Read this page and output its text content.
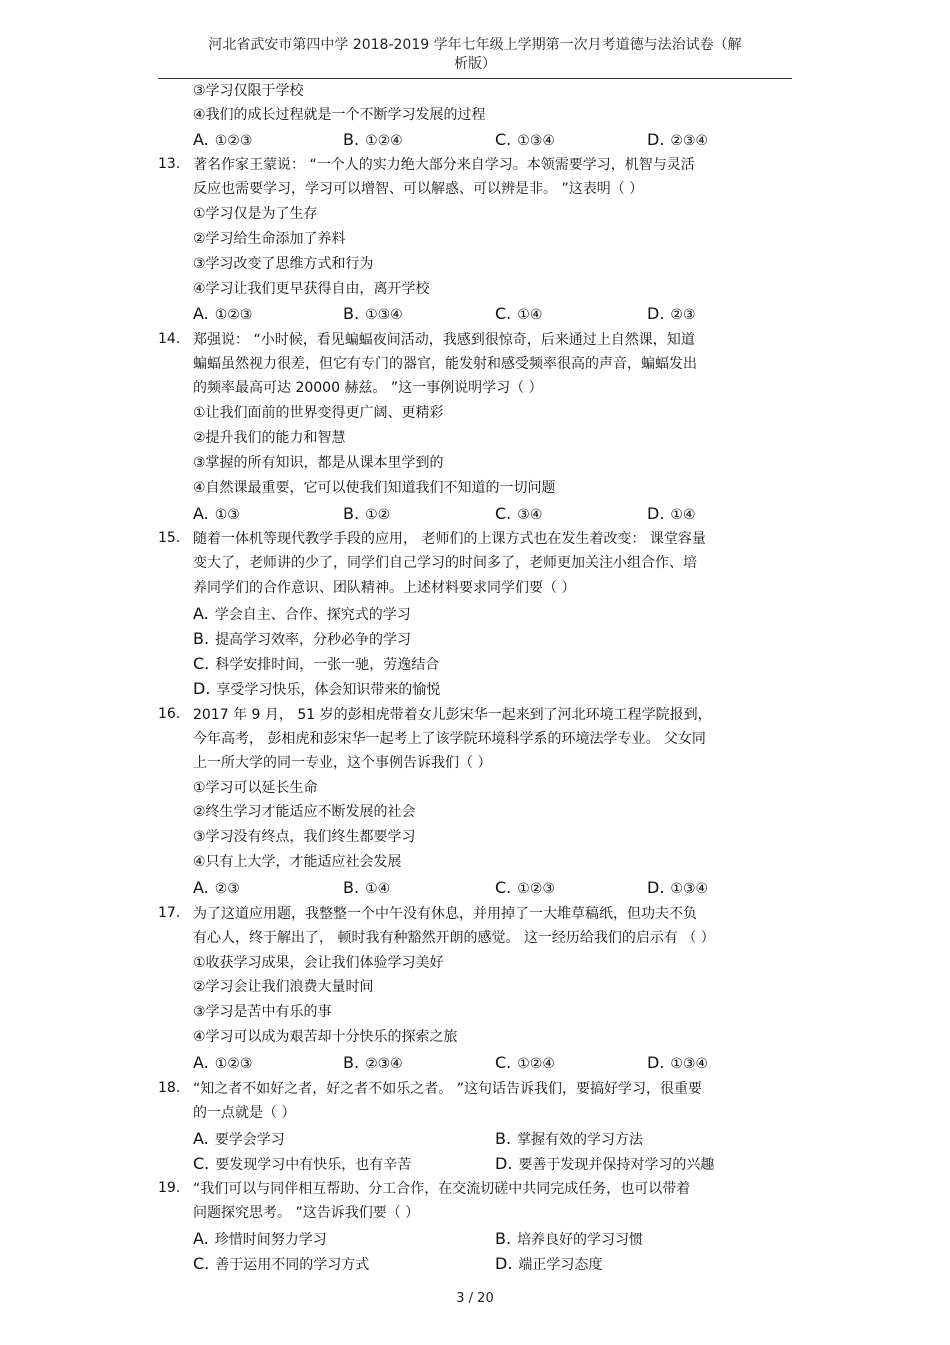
河北省武安市第四中学 2018-2019 学年七年级上学期第一次月考道德与法治试卷（解
析版）
③学习仅限于学校
④我们的成长过程就是一个不断学习发展的过程
A. ①②③	B. ①②④	C. ①③④	D. ②③④
13. 著名作家王蒙说： “一个人的实力绝大部分来自学习。本领需要学习，机智与灵活
反应也需要学习，学习可以增智、可以解惑、可以辨是非。 ”这表明（ ）
①学习仅是为了生存
②学习给生命添加了养料
③学习改变了思维方式和行为
④学习让我们更早获得自由，离开学校
A. ①②③	B. ①③④	C. ①④	D. ②③
14. 郑强说： “小时候，看见蝙蝠夜间活动，我感到很惊奇，后来通过上自然课，知道
蝙蝠虽然视力很差，但它有专门的器官，能发射和感受频率很高的声音，蝙蝠发出
的频率最高可达 20000 赫兹。 ”这一事例说明学习（ ）
①让我们面前的世界变得更广阔、更精彩
②提升我们的能力和智慧
③掌握的所有知识，都是从课本里学到的
④自然课最重要，它可以使我们知道我们不知道的一切问题
A. ①③	B. ①②	C. ③④	D. ①④
15. 随着一体机等现代教学手段的应用， 老师们的上课方式也在发生着改变： 课堂容量
变大了，老师讲的少了，同学们自己学习的时间多了，老师更加关注小组合作、培
养同学们的合作意识、团队精神。上述材料要求同学们要（ ）
A. 学会自主、合作、探究式的学习
B. 提高学习效率，分秒必争的学习
C. 科学安排时间，一张一驰，劳逸结合
D. 享受学习快乐，体会知识带来的愉悦
16. 2017 年 9 月， 51 岁的彭相虎带着女儿彭宋华一起来到了河北环境工程学院报到，
今年高考， 彭相虎和彭宋华一起考上了该学院环境科学系的环境法学专业。 父女同
上一所大学的同一专业，这个事例告诉我们（ ）
①学习可以延长生命
②终生学习才能适应不断发展的社会
③学习没有终点，我们终生都要学习
④只有上大学，才能适应社会发展
A. ②③	B. ①④	C. ①②③	D. ①③④
17. 为了这道应用题，我整整一个中午没有休息，并用掉了一大堆草稿纸，但功夫不负
有心人，终于解出了， 顿时我有种豁然开朗的感觉。 这一经历给我们的启示有 （ ）
①收获学习成果，会让我们体验学习美好
②学习会让我们浪费大量时间
③学习是苦中有乐的事
④学习可以成为艰苦却十分快乐的探索之旅
A. ①②③	B. ②③④	C. ①②④	D. ①③④
18. “知之者不如好之者，好之者不如乐之者。 ”这句话告诉我们，要搞好学习，很重要
的一点就是（ ）
A. 要学会学习	B. 掌握有效的学习方法
C. 要发现学习中有快乐，也有辛苦	D. 要善于发现并保持对学习的兴趣
19. “我们可以与同伴相互帮助、分工合作，在交流切磋中共同完成任务，也可以带着
问题探究思考。 ”这告诉我们要（ ）
A. 珍惜时间努力学习	B. 培养良好的学习习惯
C. 善于运用不同的学习方式	D. 端正学习态度
3 / 20
